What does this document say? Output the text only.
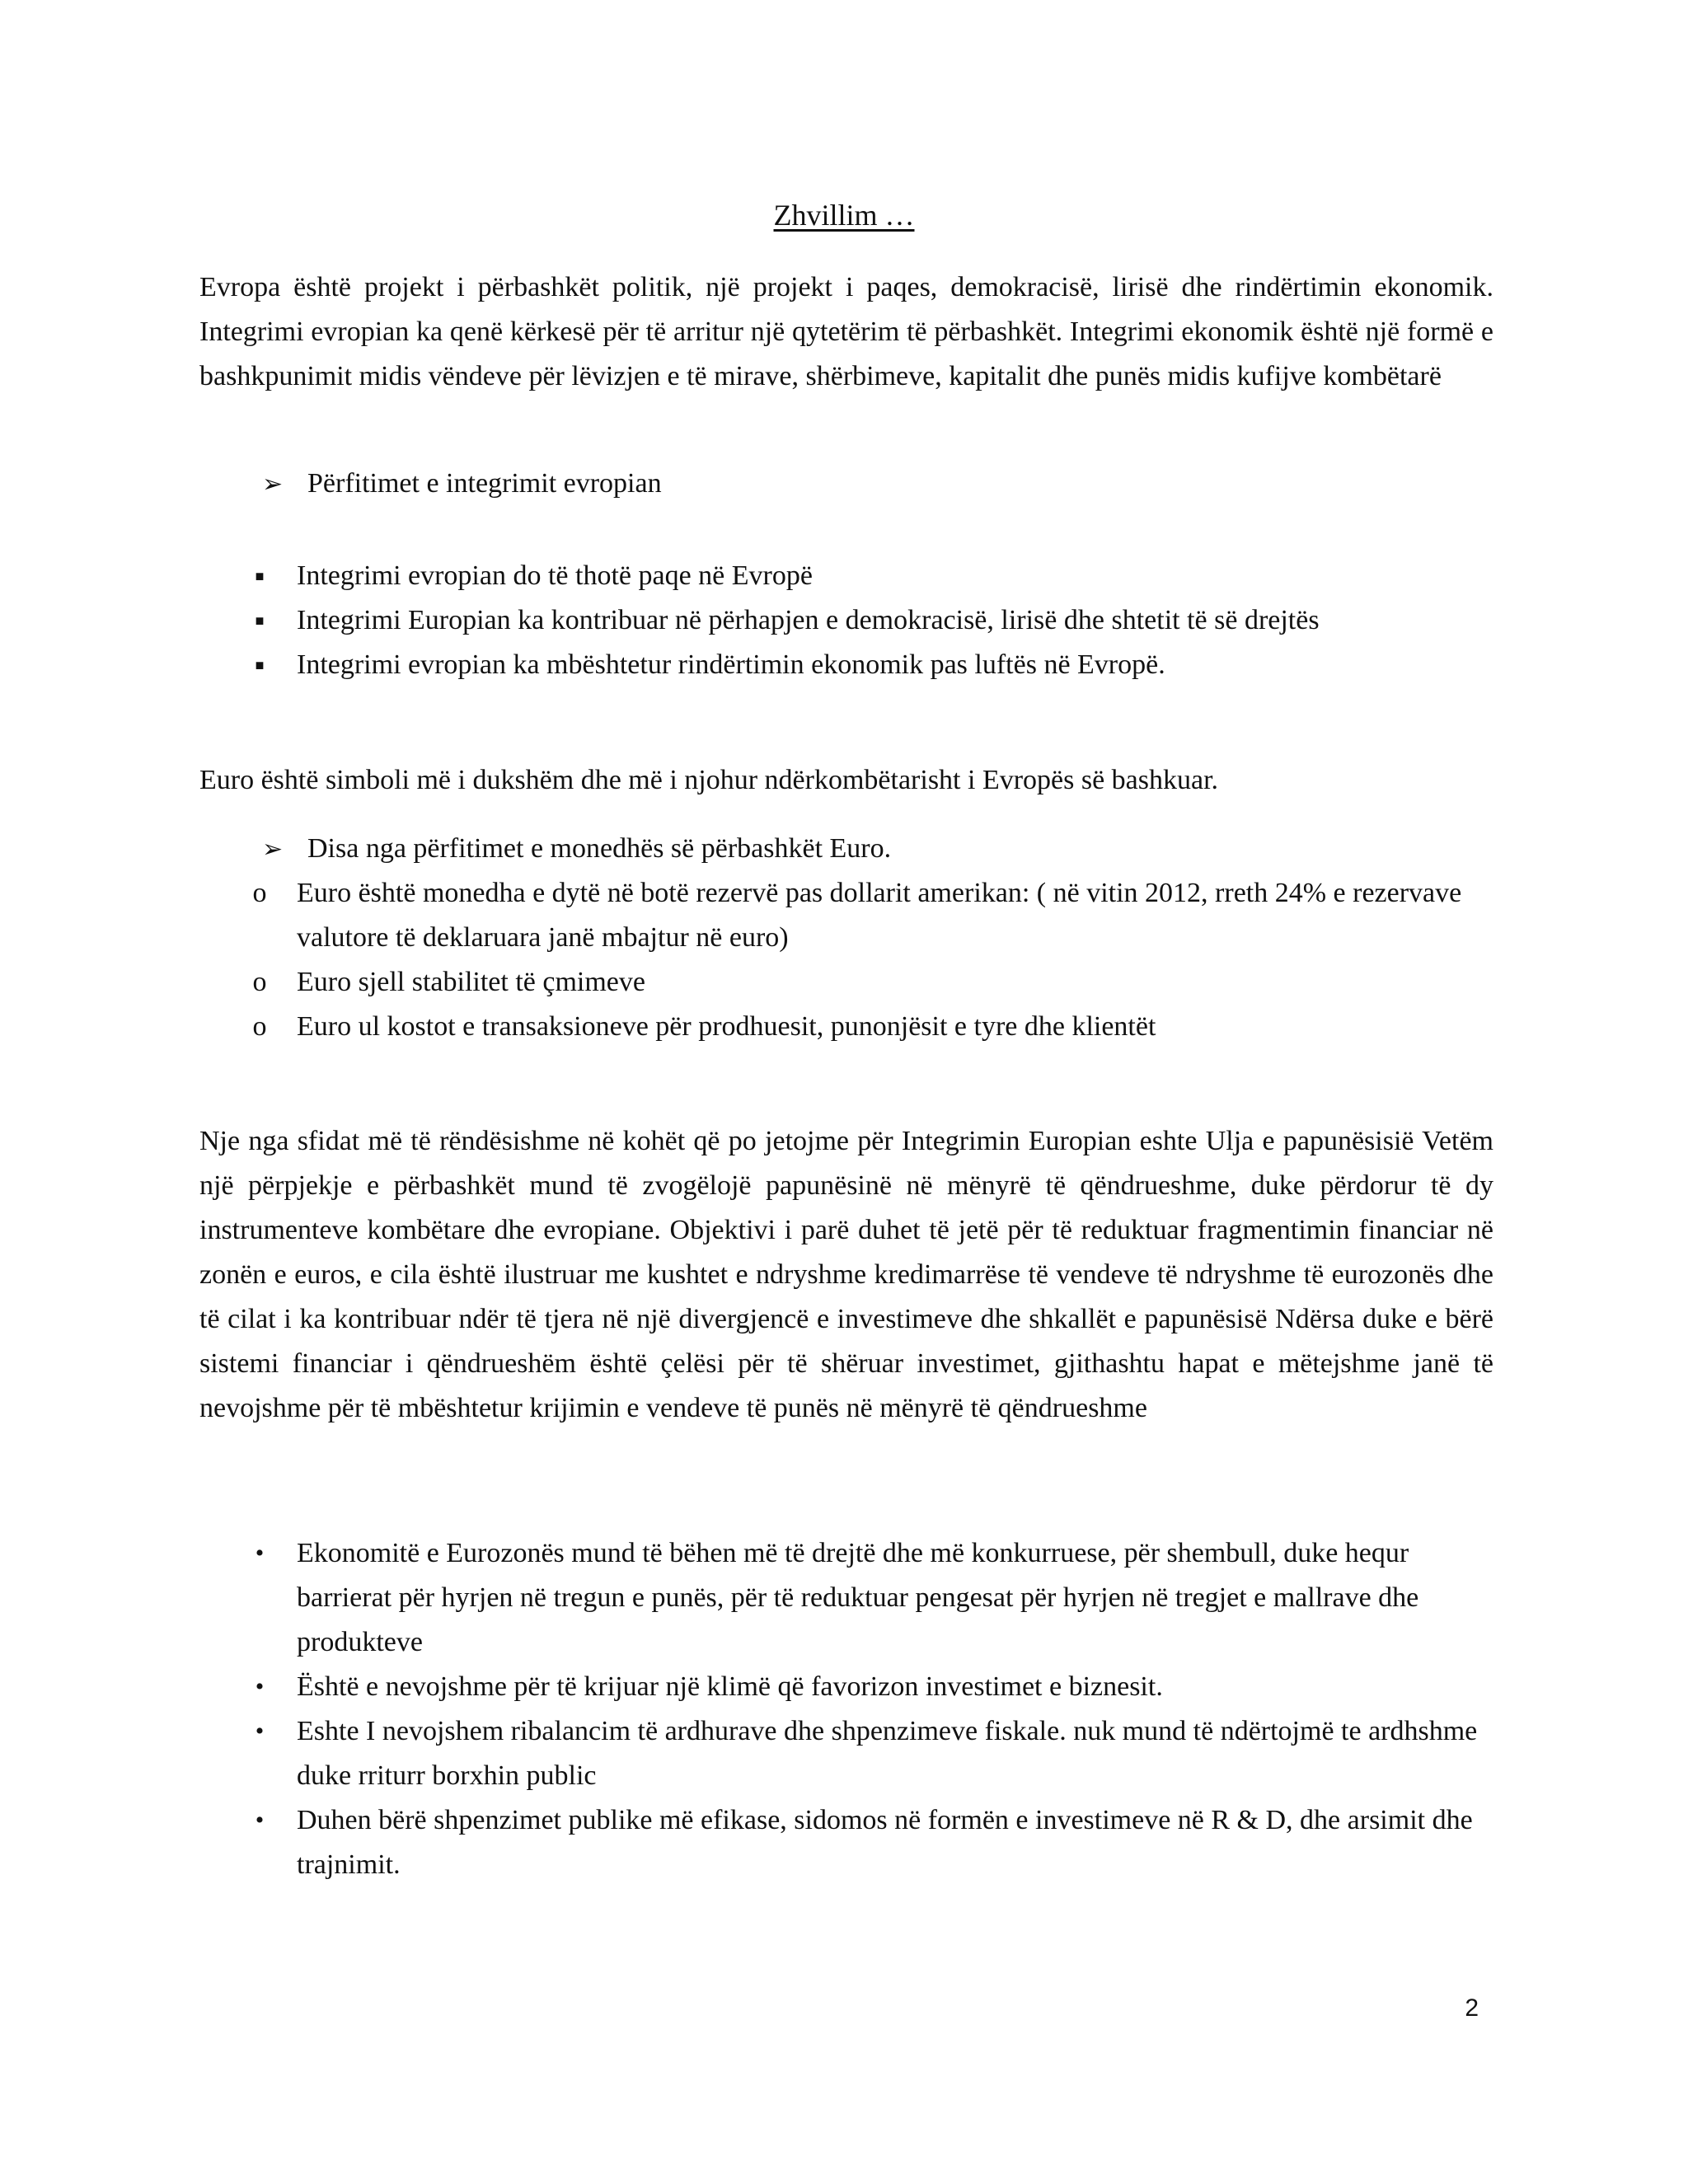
Zhvillim …

Evropa është projekt i përbashkët politik, një projekt i paqes, demokracisë, lirisë dhe rindërtimin ekonomik. Integrimi evropian ka qenë kërkesë për të arritur një qytetërim të përbashkët. Integrimi ekonomik është një formë e bashkpunimit midis vëndeve për lëvizjen e të mirave, shërbimeve, kapitalit dhe punës midis kufijve kombëtarë

➢ Përfitimet e integrimit evropian
■ Integrimi evropian do të thotë paqe në Evropë
■ Integrimi Europian ka kontribuar në përhapjen e demokracisë, lirisë dhe shtetit të së drejtës
■ Integrimi evropian ka mbështetur rindërtimin ekonomik pas luftës në Evropë.

Euro është simboli më i dukshëm dhe më i njohur ndërkombëtarisht i Evropës së bashkuar.

➢ Disa nga përfitimet e monedhës së përbashkët Euro.
o Euro është monedha e dytë në botë rezervë pas dollarit amerikan: ( në vitin 2012, rreth 24% e rezervave valutore të deklaruara janë mbajtur në euro)
o Euro sjell stabilitet të çmimeve
o Euro ul kostot e transaksioneve për prodhuesit, punonjësit e tyre dhe klientët

Nje nga sfidat më të rëndësishme në kohët që po jetojme për Integrimin Europian eshte Ulja e papunësisië Vetëm një përpjekje e përbashkët mund të zvogëlojë papunësinë në mënyrë të qëndrueshme, duke përdorur të dy instrumenteve kombëtare dhe evropiane. Objektivi i parë duhet të jetë për të reduktuar fragmentimin financiar në zonën e euros, e cila është ilustruar me kushtet e ndryshme kredimarrëse të vendeve të ndryshme të eurozonës dhe të cilat i ka kontribuar ndër të tjera në një divergjencë e investimeve dhe shkallët e papunësisë Ndërsa duke e bërë sistemi financiar i qëndrueshëm është çelësi për të shëruar investimet, gjithashtu hapat e mëtejshme janë të nevojshme për të mbështetur krijimin e vendeve të punës në mënyrë të qëndrueshme

• Ekonomitë e Eurozonës mund të bëhen më të drejtë dhe më konkurruese, për shembull, duke hequr barrierat për hyrjen në tregun e punës, për të reduktuar pengesat për hyrjen në tregjet e mallrave dhe produkteve
• Është e nevojshme për të krijuar një klimë që favorizon investimet e biznesit.
• Eshte I nevojshem ribalancim të ardhurave dhe shpenzimeve fiskale. nuk mund të ndërtojmë te ardhshme duke rriturr borxhin public
• Duhen bërë shpenzimet publike më efikase, sidomos në formën e investimeve në R & D, dhe arsimit dhe trajnimit.
2
